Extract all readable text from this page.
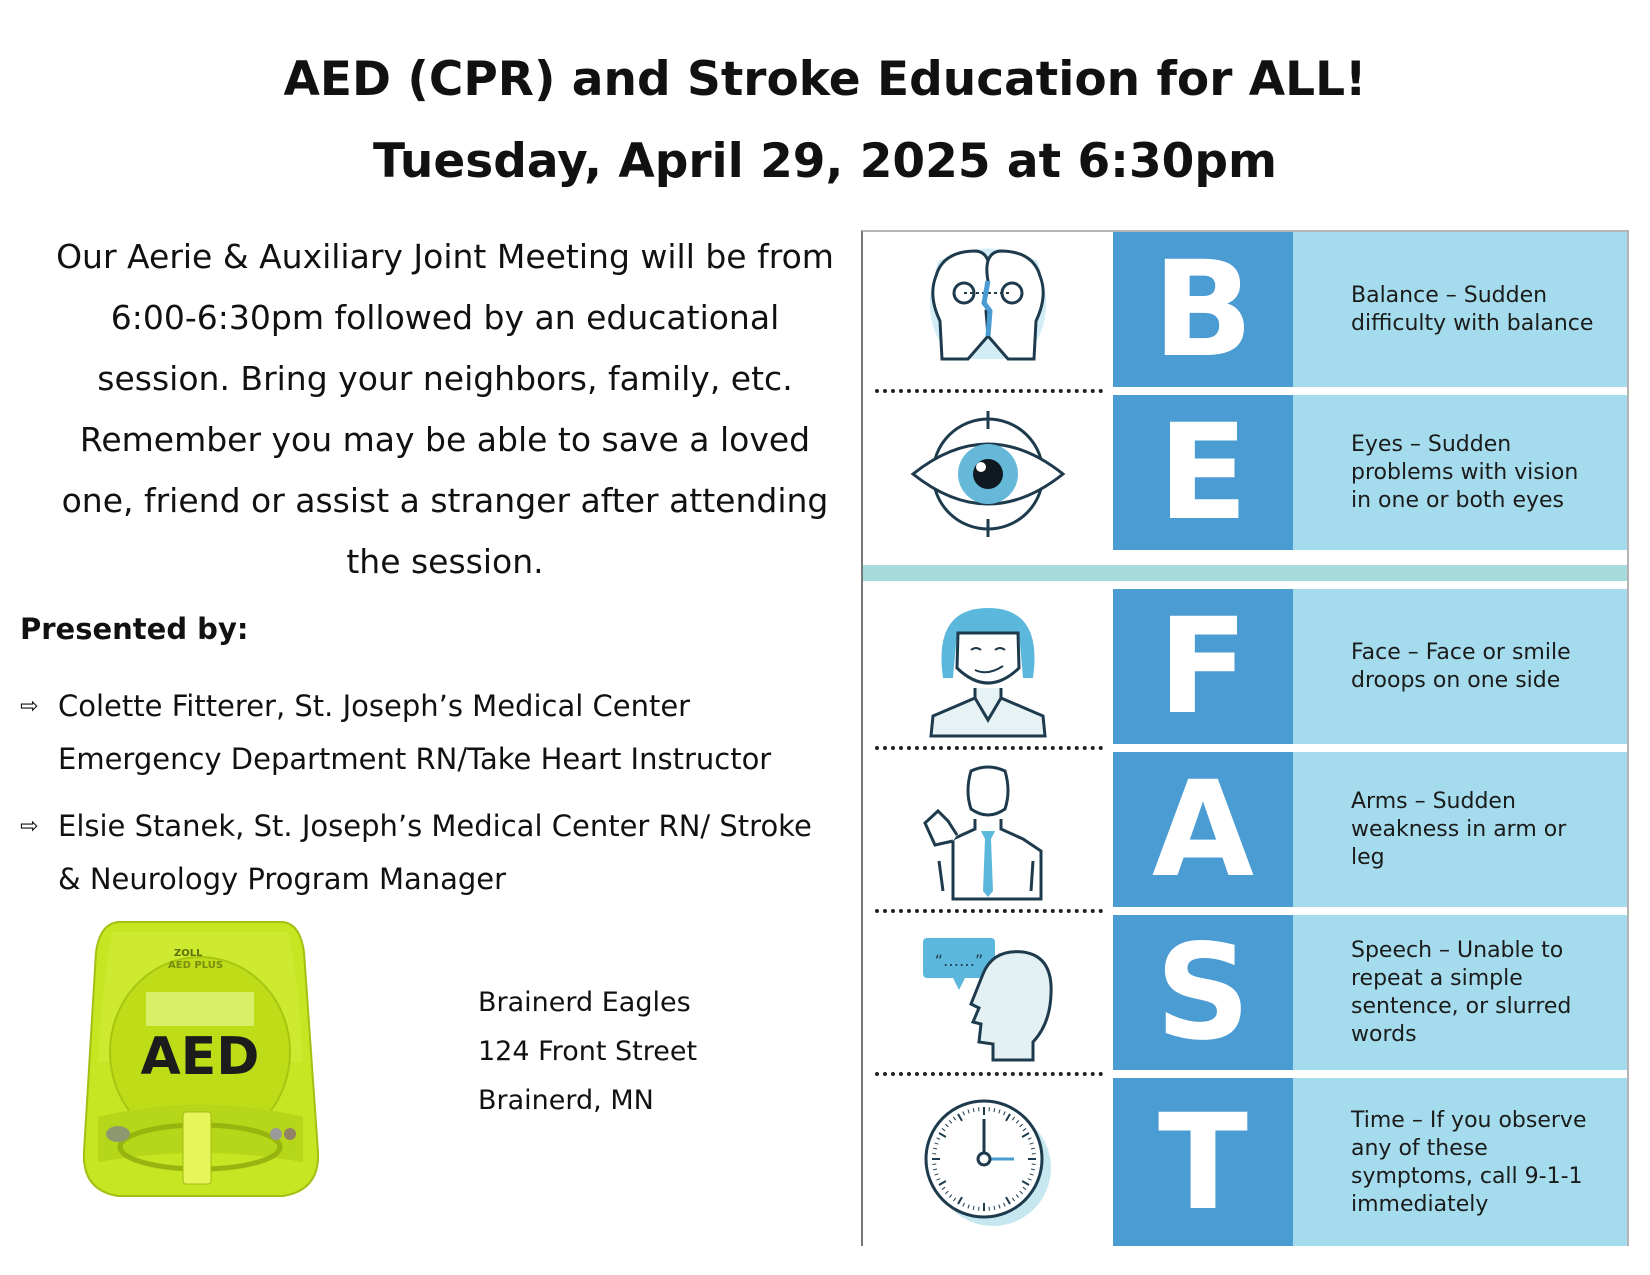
AED (CPR) and Stroke Education for ALL!
Tuesday, April 29, 2025 at 6:30pm

Our Aerie & Auxiliary Joint Meeting will be from 6:00-6:30pm followed by an educational session. Bring your neighbors, family, etc. Remember you may be able to save a loved one, friend or assist a stranger after attending the session.

Presented by:

⇨ Colette Fitterer, St. Joseph’s Medical Center Emergency Department RN/Take Heart Instructor
⇨ Elsie Stanek, St. Joseph’s Medical Center RN/ Stroke & Neurology Program Manager
ZOLL
AED PLUS
AED
Brainerd Eagles
124 Front Street
Brainerd, MN
B	Balance – Sudden difficulty with balance
E	Eyes – Sudden problems with vision in one or both eyes
F	Face – Face or smile droops on one side
A	Arms – Sudden weakness in arm or leg
“……”	S	Speech – Unable to repeat a simple sentence, or slurred words
T	Time – If you observe any of these symptoms, call 9-1-1 immediately
